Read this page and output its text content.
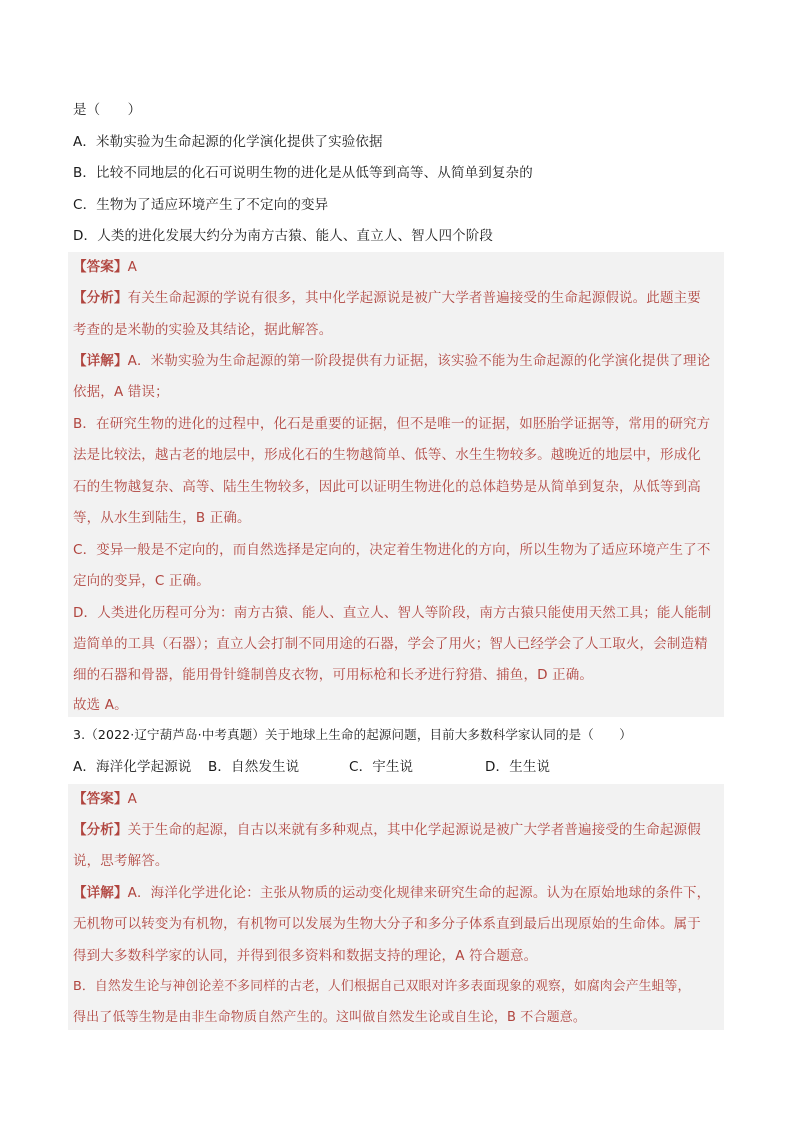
是（　　）
A．米勒实验为生命起源的化学演化提供了实验依据
B．比较不同地层的化石可说明生物的进化是从低等到高等、从简单到复杂的
C．生物为了适应环境产生了不定向的变异
D．人类的进化发展大约分为南方古猿、能人、直立人、智人四个阶段
【答案】A
【分析】有关生命起源的学说有很多，其中化学起源说是被广大学者普遍接受的生命起源假说。此题主要
考查的是米勒的实验及其结论，据此解答。
【详解】A．米勒实验为生命起源的第一阶段提供有力证据，该实验不能为生命起源的化学演化提供了理论
依据，A 错误；
B．在研究生物的进化的过程中，化石是重要的证据，但不是唯一的证据，如胚胎学证据等，常用的研究方
法是比较法，越古老的地层中，形成化石的生物越简单、低等、水生生物较多。越晚近的地层中，形成化
石的生物越复杂、高等、陆生生物较多，因此可以证明生物进化的总体趋势是从简单到复杂，从低等到高
等，从水生到陆生，B 正确。
C．变异一般是不定向的，而自然选择是定向的，决定着生物进化的方向，所以生物为了适应环境产生了不
定向的变异，C 正确。
D．人类进化历程可分为：南方古猿、能人、直立人、智人等阶段，南方古猿只能使用天然工具；能人能制
造简单的工具（石器）；直立人会打制不同用途的石器，学会了用火；智人已经学会了人工取火，会制造精
细的石器和骨器，能用骨针缝制兽皮衣物，可用标枪和长矛进行狩猎、捕鱼，D 正确。
故选 A。
3.（2022·辽宁葫芦岛·中考真题）关于地球上生命的起源问题，目前大多数科学家认同的是（　　）
A．海洋化学起源说 B．自然发生说	C．宇生说	D．生生说
【答案】A
【分析】关于生命的起源，自古以来就有多种观点，其中化学起源说是被广大学者普遍接受的生命起源假
说，思考解答。
【详解】A．海洋化学进化论：主张从物质的运动变化规律来研究生命的起源。认为在原始地球的条件下，
无机物可以转变为有机物，有机物可以发展为生物大分子和多分子体系直到最后出现原始的生命体。属于
得到大多数科学家的认同，并得到很多资料和数据支持的理论，A 符合题意。
B．自然发生论与神创论差不多同样的古老，人们根据自己双眼对许多表面现象的观察，如腐肉会产生蛆等，
得出了低等生物是由非生命物质自然产生的。这叫做自然发生论或自生论，B 不合题意。
